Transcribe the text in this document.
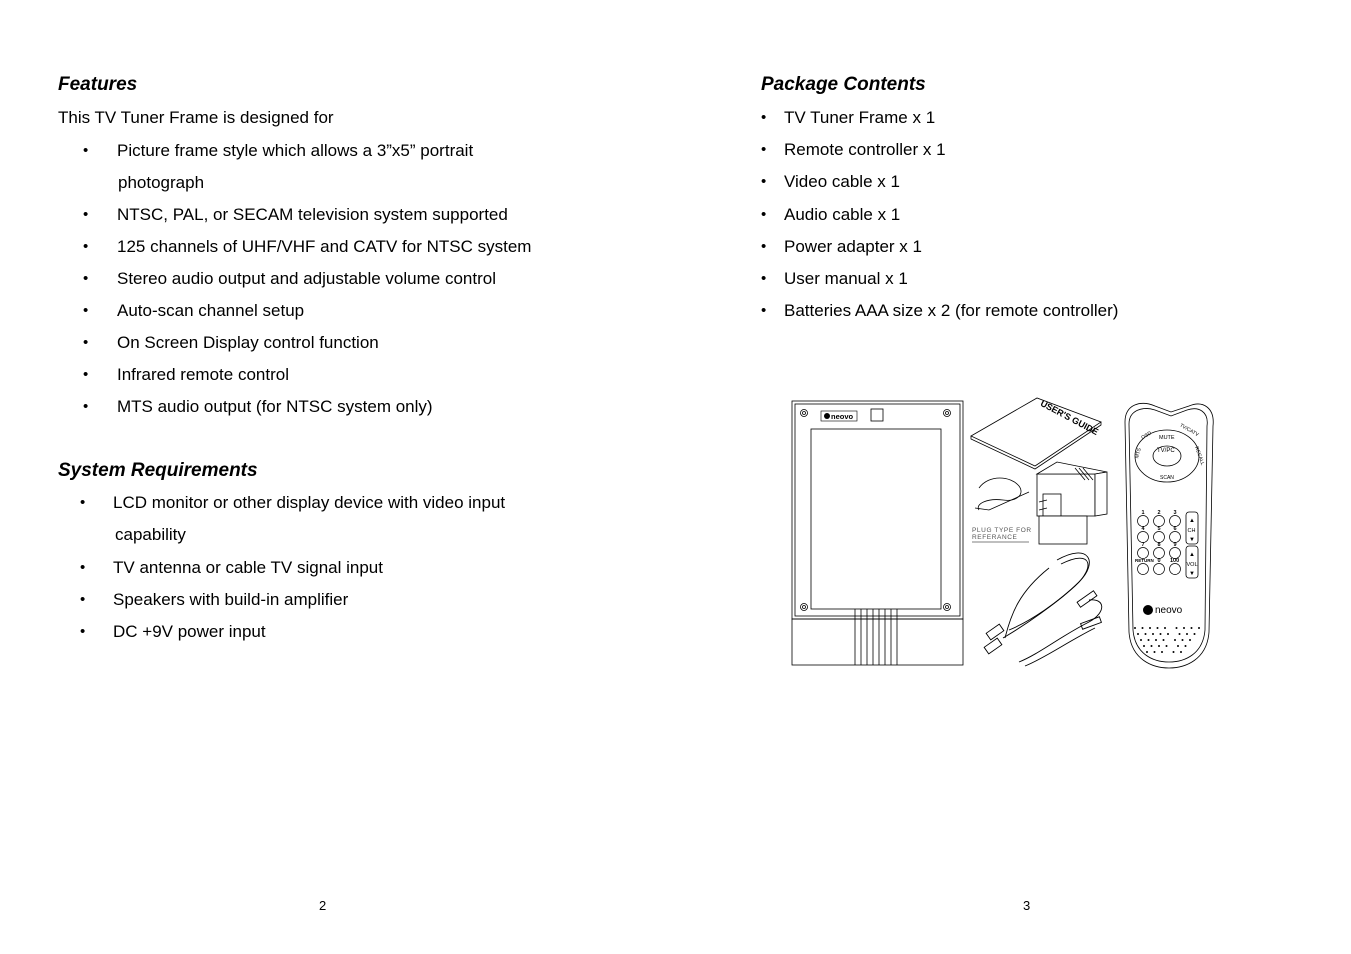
Features

This TV Tuner Frame is designed for

•	Picture frame style which allows a 3”x5” portrait
photograph
•	NTSC, PAL, or SECAM television system supported
•	125 channels of UHF/VHF and CATV for NTSC system
•	Stereo audio output and adjustable volume control
•	Auto-scan channel setup
•	On Screen Display control function
•	Infrared remote control
•	MTS audio output (for NTSC system only)
System Requirements
•	LCD monitor or other display device with video input
capability
•	TV antenna or cable TV signal input
•	Speakers with build-in amplifier
•	DC +9V power input
2
Package Contents
•	TV Tuner Frame x 1
•	Remote controller x 1
•	Video cable x 1
•	Audio cable x 1
•	Power adapter x 1
•	User manual x 1
•	Batteries AAA size x 2 (for remote controller)
neovo	USER'S GUIDE
PLUG TYPE FOR
REFERANCE
MUTE
TV/PC
SCAN
OSD
MTS
TV/CATV
RECALL
1 2 3
4 5 6
7 8 9
RETURN 0 100
▲
CH
▼
▲
VOL
▼
neovo
3
